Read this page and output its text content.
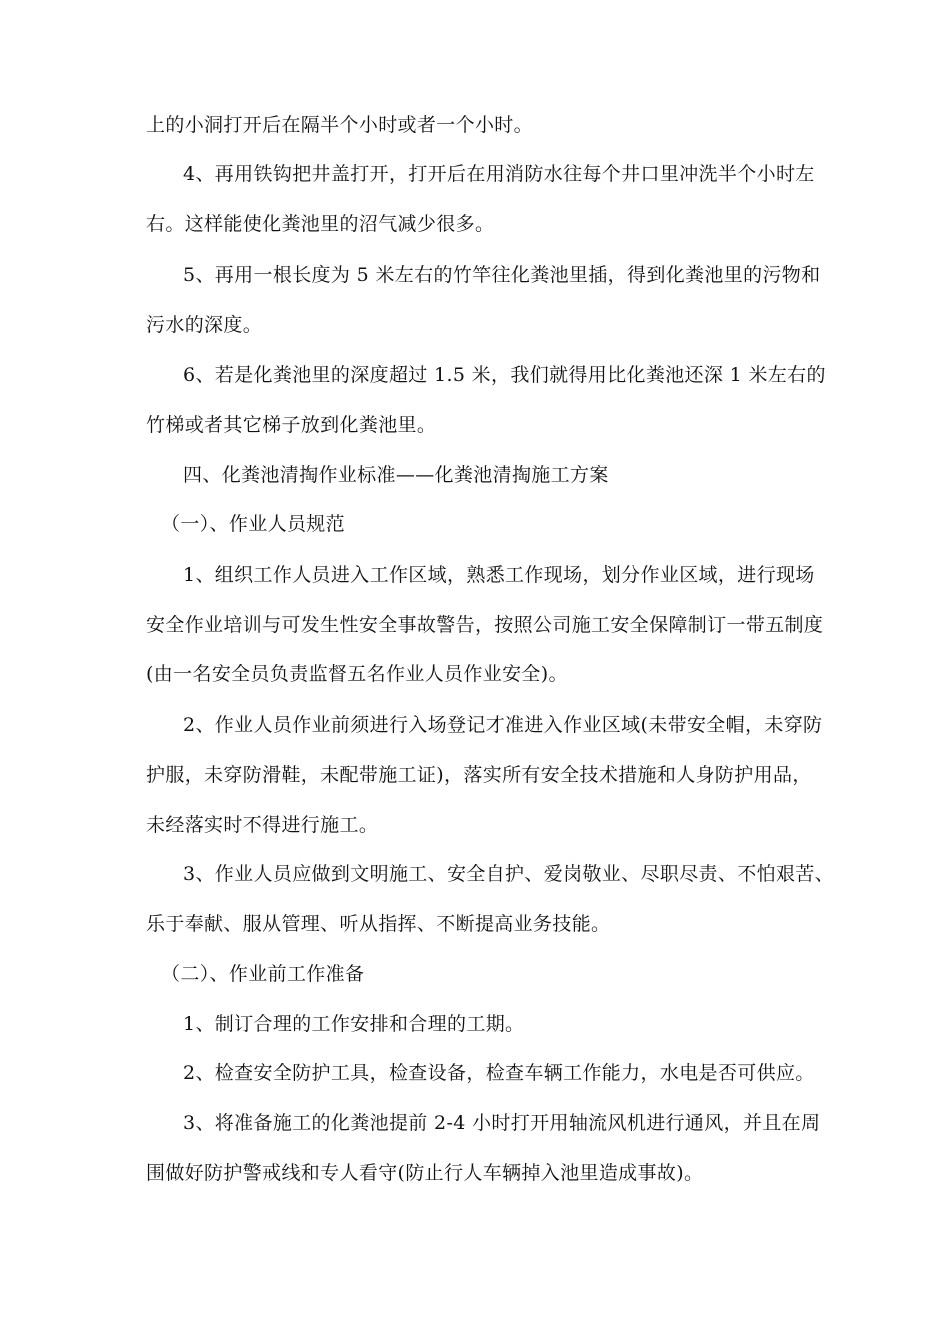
上的小洞打开后在隔半个小时或者一个小时。
4、再用铁钩把井盖打开，打开后在用消防水往每个井口里冲洗半个小时左
右。这样能使化粪池里的沼气减少很多。
5、再用一根长度为 5 米左右的竹竿往化粪池里插，得到化粪池里的污物和
污水的深度。
6、若是化粪池里的深度超过 1.5 米，我们就得用比化粪池还深 1 米左右的
竹梯或者其它梯子放到化粪池里。
四、化粪池清掏作业标准——化粪池清掏施工方案
（一）、作业人员规范
1、组织工作人员进入工作区域，熟悉工作现场，划分作业区域，进行现场
安全作业培训与可发生性安全事故警告，按照公司施工安全保障制订一带五制度
(由一名安全员负责监督五名作业人员作业安全)。
2、作业人员作业前须进行入场登记才准进入作业区域(未带安全帽，未穿防
护服，未穿防滑鞋，未配带施工证)，落实所有安全技术措施和人身防护用品，
未经落实时不得进行施工。
3、作业人员应做到文明施工、安全自护、爱岗敬业、尽职尽责、不怕艰苦、
乐于奉献、服从管理、听从指挥、不断提高业务技能。
（二）、作业前工作准备
1、制订合理的工作安排和合理的工期。
2、检查安全防护工具，检查设备，检查车辆工作能力，水电是否可供应。
3、将准备施工的化粪池提前 2-4 小时打开用轴流风机进行通风，并且在周
围做好防护警戒线和专人看守(防止行人车辆掉入池里造成事故)。
